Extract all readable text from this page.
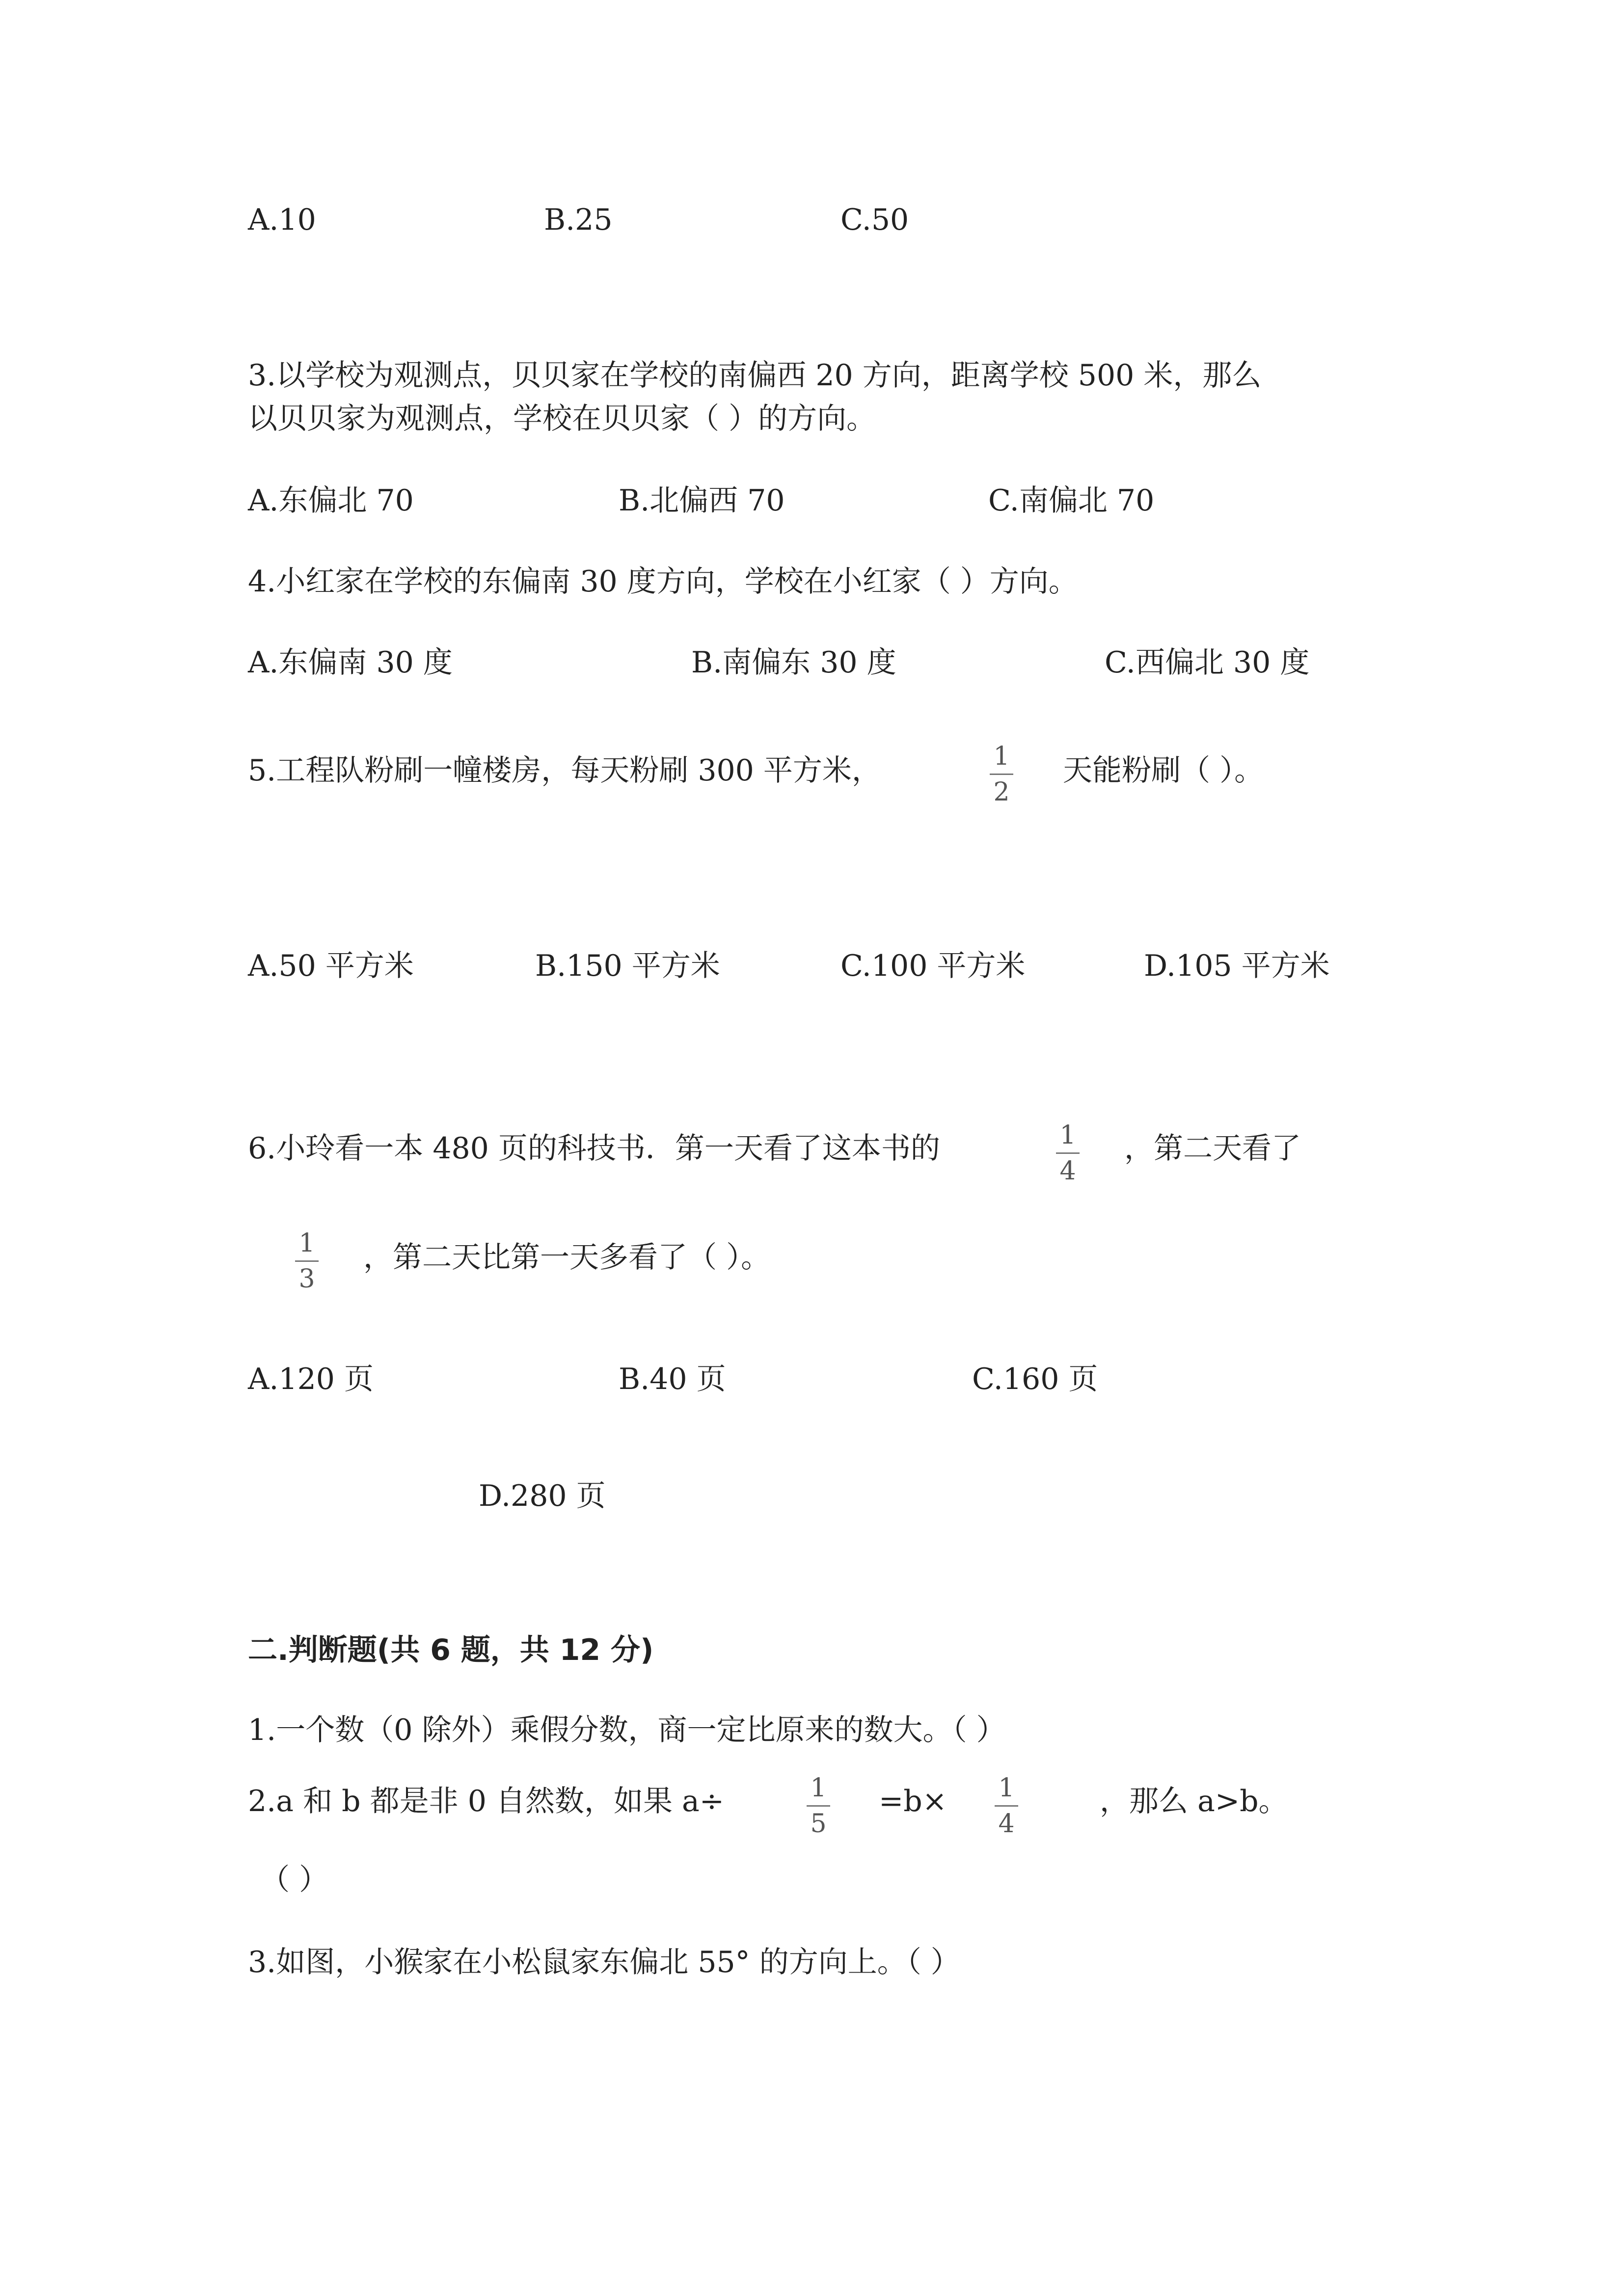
A.10	B.25	C.50
3.以学校为观测点，贝贝家在学校的南偏西 20 方向，距离学校 500 米，那么
以贝贝家为观测点，学校在贝贝家（ ）的方向。
A.东偏北 70	B.北偏西 70	C.南偏北 70
4.小红家在学校的东偏南 30 度方向，学校在小红家（ ）方向。
A.东偏南 30 度	B.南偏东 30 度	C.西偏北 30 度
5.工程队粉刷一幢楼房，每天粉刷 300 平方米，	1
2
天能粉刷（ ）。
A.50 平方米	B.150 平方米	C.100 平方米	D.105 平方米
6.小玲看一本 480 页的科技书．第一天看了这本书的	1
4
，第二天看了
1
3
，第二天比第一天多看了（ ）。
A.120 页	B.40 页	C.160 页
D.280 页
二.判断题(共 6 题，共 12 分)
1.一个数（0 除外）乘假分数，商一定比原来的数大。（ ）
2.a 和 b 都是非 0 自然数，如果 a÷	1
5
=b× 1
4
，那么 a>b。
（ ）
3.如图，小猴家在小松鼠家东偏北 55° 的方向上。（ ）
